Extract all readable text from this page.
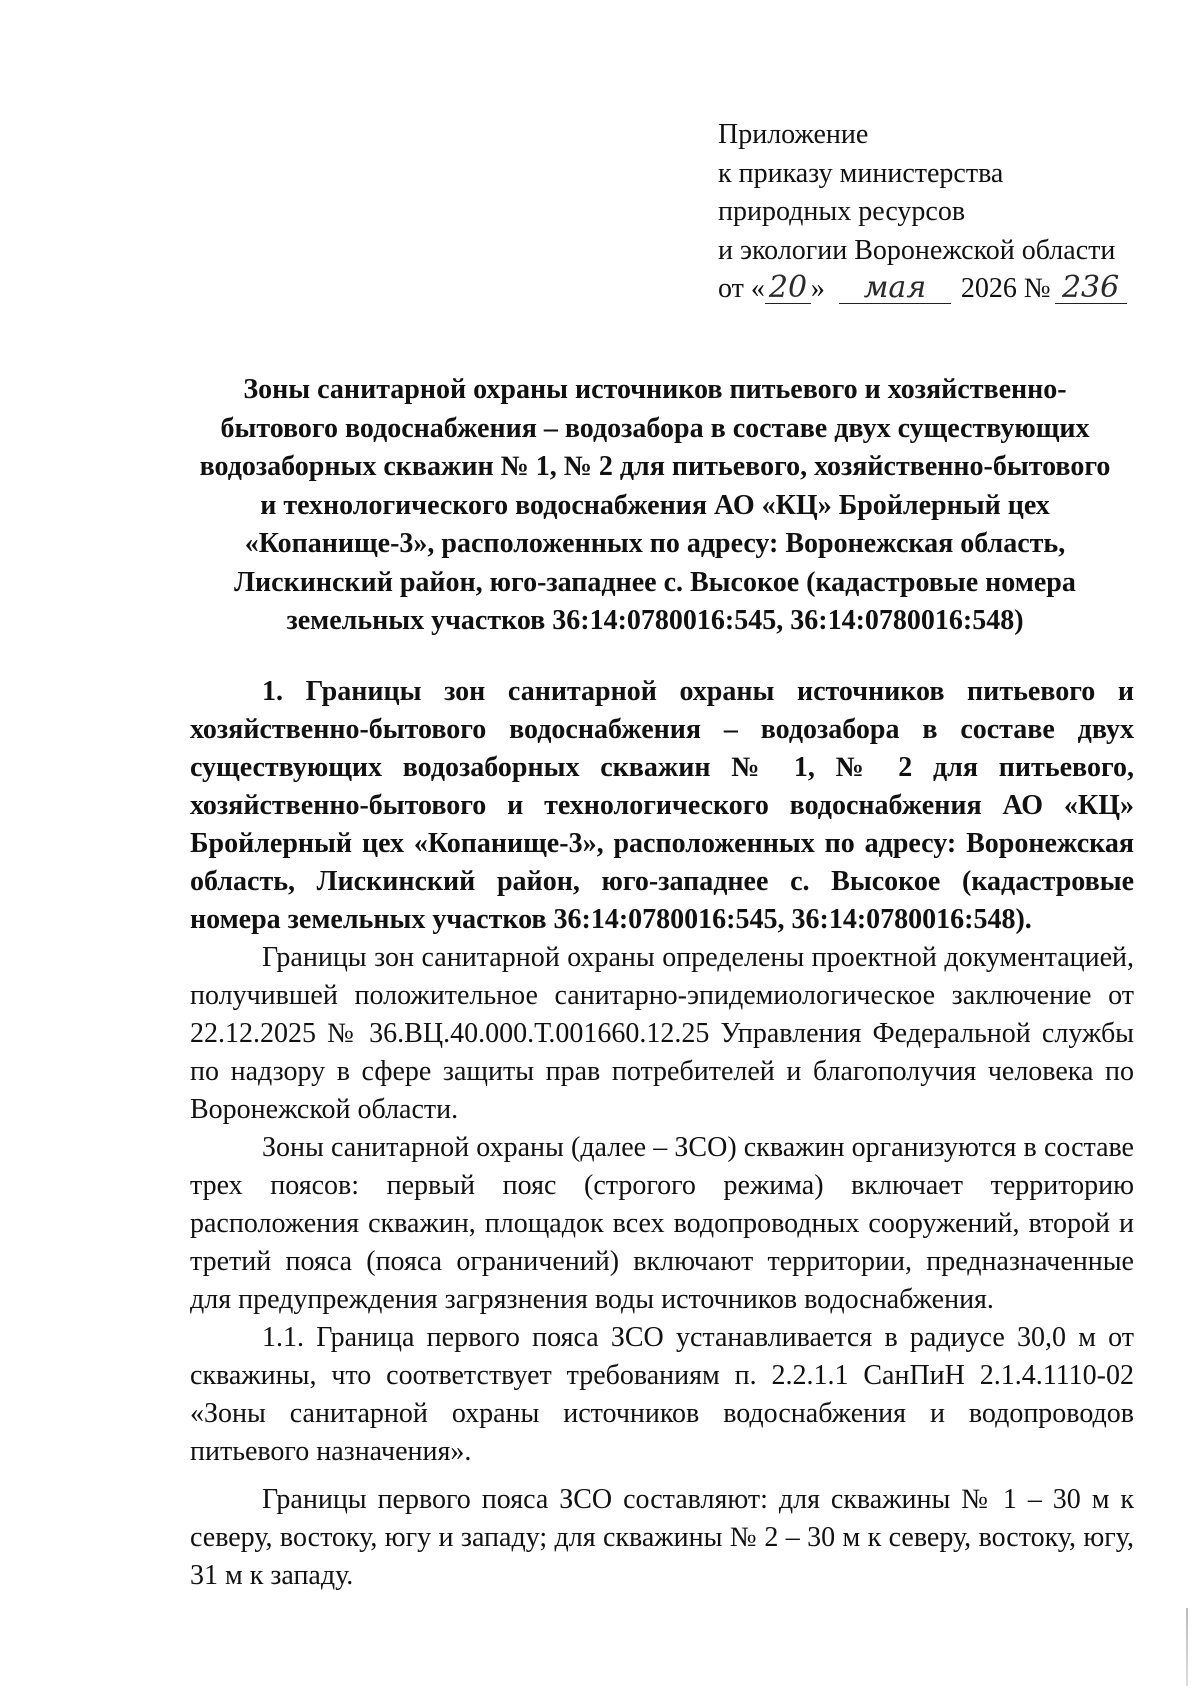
Приложение
к приказу министерства
природных ресурсов
и экологии Воронежской области
от « 20 » мая 2026 № 236
Зоны санитарной охраны источников питьевого и хозяйственно-бытового водоснабжения – водозабора в составе двух существующих водозаборных скважин № 1, № 2 для питьевого, хозяйственно-бытового и технологического водоснабжения АО «КЦ» Бройлерный цех «Копанище-3», расположенных по адресу: Воронежская область, Лискинский район, юго-западнее с. Высокое (кадастровые номера земельных участков 36:14:0780016:545, 36:14:0780016:548)

1. Границы зон санитарной охраны источников питьевого и хозяйственно-бытового водоснабжения – водозабора в составе двух существующих водозаборных скважин № 1, № 2 для питьевого, хозяйственно-бытового и технологического водоснабжения АО «КЦ» Бройлерный цех «Копанище-3», расположенных по адресу: Воронежская область, Лискинский район, юго-западнее с. Высокое (кадастровые номера земельных участков 36:14:0780016:545, 36:14:0780016:548).

Границы зон санитарной охраны определены проектной документацией, получившей положительное санитарно-эпидемиологическое заключение от 22.12.2025 № 36.ВЦ.40.000.Т.001660.12.25 Управления Федеральной службы по надзору в сфере защиты прав потребителей и благополучия человека по Воронежской области.

Зоны санитарной охраны (далее – ЗСО) скважин организуются в составе трех поясов: первый пояс (строгого режима) включает территорию расположения скважин, площадок всех водопроводных сооружений, второй и третий пояса (пояса ограничений) включают территории, предназначенные для предупреждения загрязнения воды источников водоснабжения.

1.1. Граница первого пояса ЗСО устанавливается в радиусе 30,0 м от скважины, что соответствует требованиям п. 2.2.1.1 СанПиН 2.1.4.1110-02 «Зоны санитарной охраны источников водоснабжения и водопроводов питьевого назначения».

Границы первого пояса ЗСО составляют: для скважины № 1 – 30 м к северу, востоку, югу и западу; для скважины № 2 – 30 м к северу, востоку, югу, 31 м к западу.
